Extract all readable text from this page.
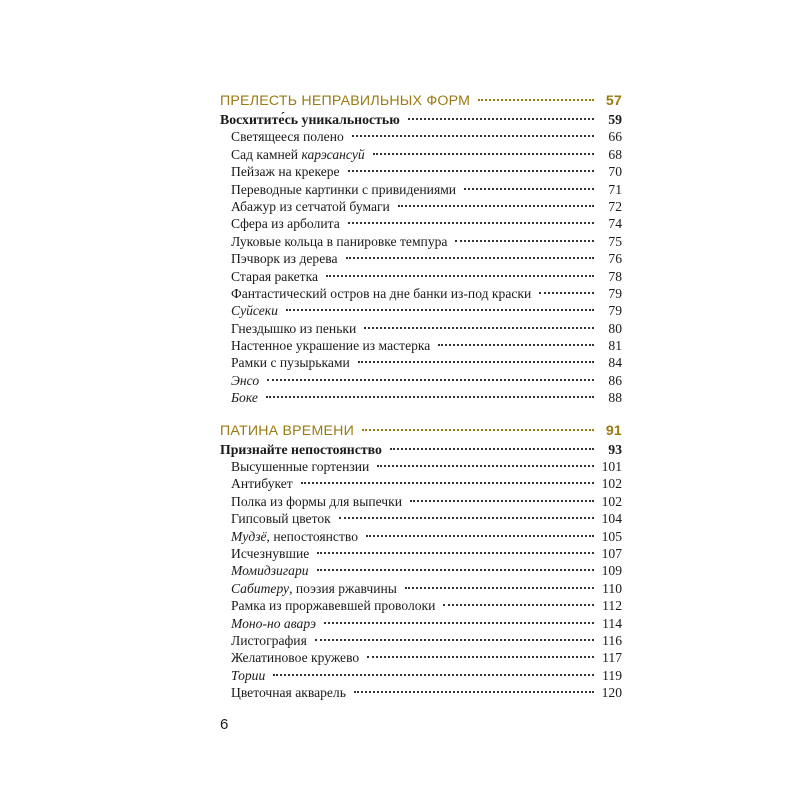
ПРЕЛЕСТЬ НЕПРАВИЛЬНЫХ ФОРМ	57
Восхитите́сь уникальностью	59
Светящееся полено	66
Сад камней карэсансуй	68
Пейзаж на крекере	70
Переводные картинки с привидениями	71
Абажур из сетчатой бумаги	72
Сфера из арболита	74
Луковые кольца в панировке темпура	75
Пэчворк из дерева	76
Старая ракетка	78
Фантастический остров на дне банки из-под краски	79
Суйсеки	79
Гнездышко из пеньки	80
Настенное украшение из мастерка	81
Рамки с пузырьками	84
Энсо	86
Боке	88
ПАТИНА ВРЕМЕНИ	91
Признайте непостоянство	93
Высушенные гортензии	101
Антибукет	102
Полка из формы для выпечки	102
Гипсовый цветок	104
Мудзё, непостоянство	105
Исчезнувшие	107
Момидзигари	109
Сабитеру, поэзия ржавчины	110
Рамка из проржавевшей проволоки	112
Моно-но аварэ	114
Листография	116
Желатиновое кружево	117
Тории	119
Цветочная акварель	120
6
